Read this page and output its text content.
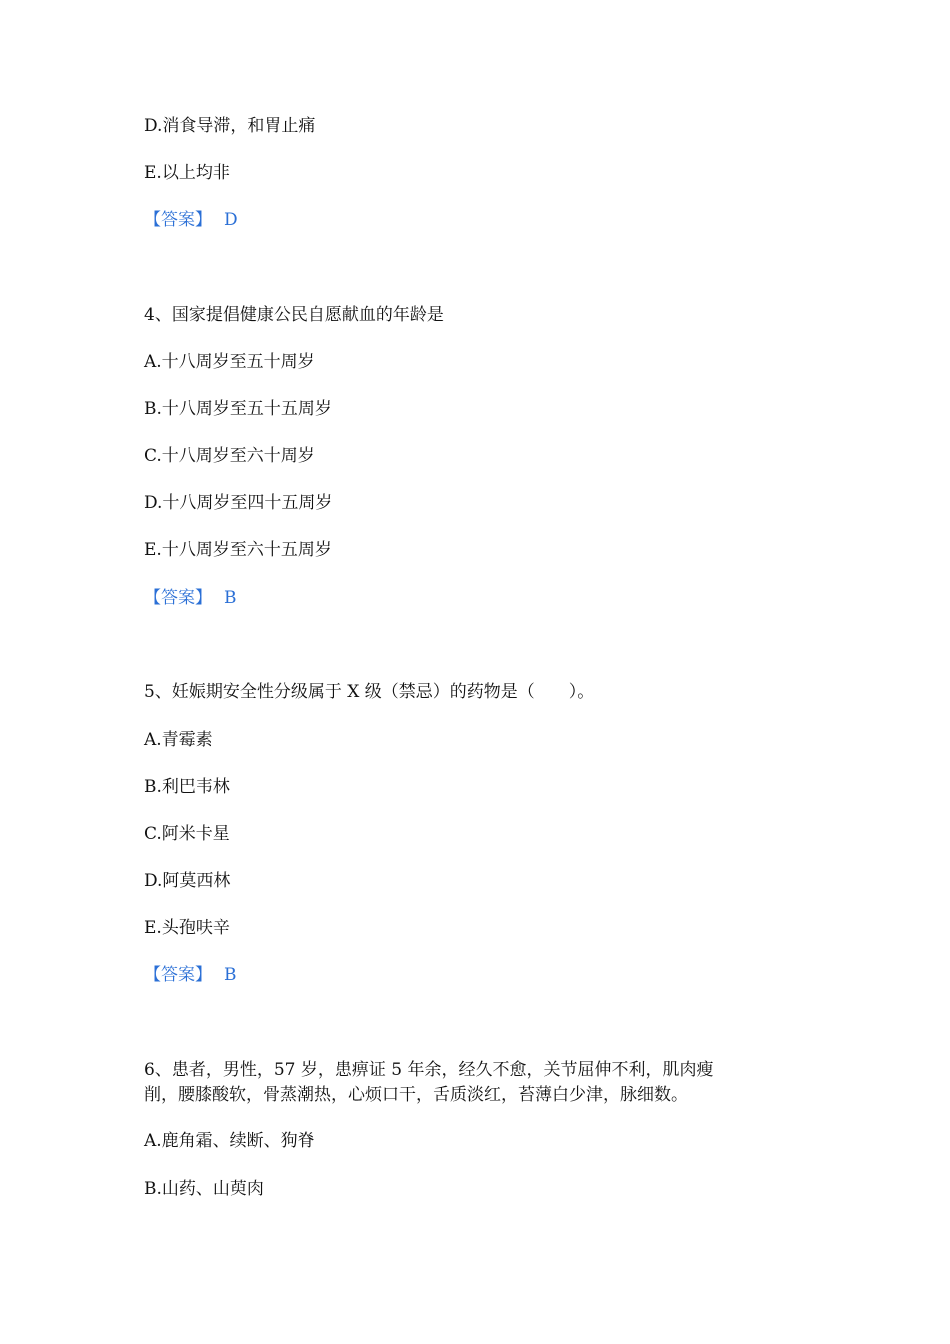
D.消食导滞，和胃止痛
E.以上均非
【答案】 D
4、国家提倡健康公民自愿献血的年龄是
A.十八周岁至五十周岁
B.十八周岁至五十五周岁
C.十八周岁至六十周岁
D.十八周岁至四十五周岁
E.十八周岁至六十五周岁
【答案】 B
5、妊娠期安全性分级属于 X 级（禁忌）的药物是（　　）。
A.青霉素
B.利巴韦林
C.阿米卡星
D.阿莫西林
E.头孢呋辛
【答案】 B
6、患者，男性，57 岁，患痹证 5 年余，经久不愈，关节屈伸不利，肌肉瘦
削，腰膝酸软，骨蒸潮热，心烦口干，舌质淡红，苔薄白少津，脉细数。
A.鹿角霜、续断、狗脊
B.山药、山萸肉
